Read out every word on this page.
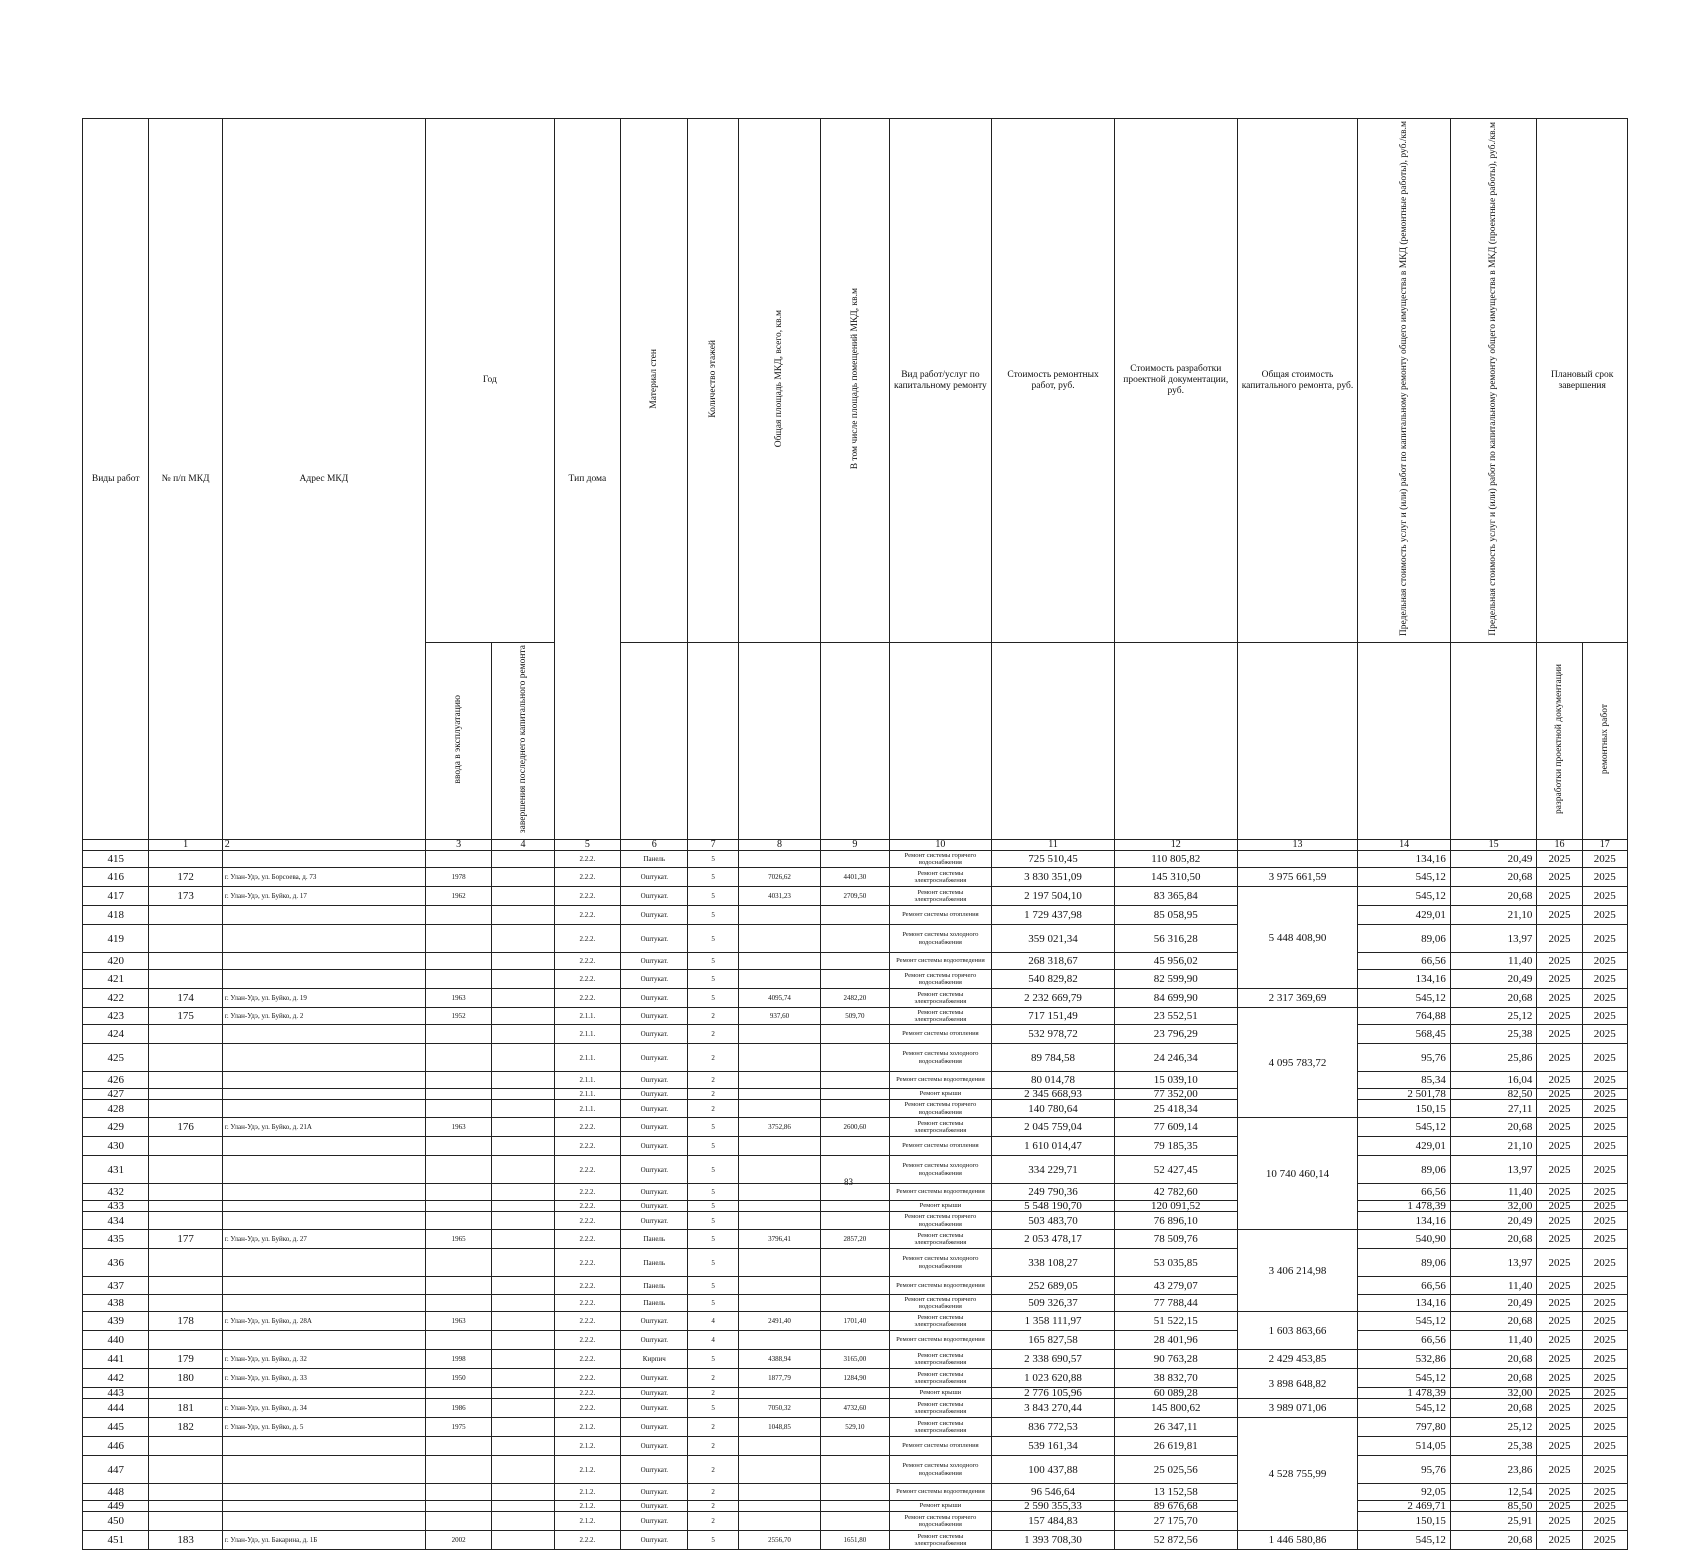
Виды работ	№ п/п МКД	Адрес МКД	Год		Тип дома	Материал стен	Количество этажей	Общая площадь МКД, всего, кв.м	В том числе площадь помещений МКД, кв.м	Вид работ/услуг по капитальному ремонту	Стоимость ремонтных работ, руб.	Стоимость разработки проектной документации, руб.	Общая стоимость капитального ремонта, руб.	Предельная стоимость услуг и (или) работ по капитальному ремонту общего имущества в МКД (ремонтные работы), руб./кв.м	Предельная стоимость услуг и (или) работ по капитальному ремонту общего имущества в МКД (проектные работы), руб./кв.м	Плановый срок завершения	
			ввода в эксплуатацию	завершения последнего капитального ремонта												разработки проектной документации	ремонтных работ
	1	2	3	4	5	6	7	8	9	10	11	12	13	14	15	16	17
415					2.2.2.	Панель	5			Ремонт системы горячего водоснабжения	725 510,45	110 805,82		134,16	20,49	2025	2025
416	172	г. Улан-Удэ, ул. Борсоева, д. 73	1978		2.2.2.	Оштукат.	5	7026,62	4401,30	Ремонт системы электроснабжения	3 830 351,09	145 310,50	3 975 661,59	545,12	20,68	2025	2025
417	173	г. Улан-Удэ, ул. Буйко, д. 17	1962		2.2.2.	Оштукат.	5	4031,23	2709,50	Ремонт системы электроснабжения	2 197 504,10	83 365,84	5 448 408,90	545,12	20,68	2025	2025
418					2.2.2.	Оштукат.	5			Ремонт системы отопления	1 729 437,98	85 058,95		429,01	21,10	2025	2025
419					2.2.2.	Оштукат.	5			Ремонт системы холодного водоснабжения	359 021,34	56 316,28		89,06	13,97	2025	2025
420					2.2.2.	Оштукат.	5			Ремонт системы водоотведения	268 318,67	45 956,02		66,56	11,40	2025	2025
421					2.2.2.	Оштукат.	5			Ремонт системы горячего водоснабжения	540 829,82	82 599,90		134,16	20,49	2025	2025
422	174	г. Улан-Удэ, ул. Буйко, д. 19	1963		2.2.2.	Оштукат.	5	4095,74	2482,20	Ремонт системы электроснабжения	2 232 669,79	84 699,90	2 317 369,69	545,12	20,68	2025	2025
423	175	г. Улан-Удэ, ул. Буйко, д. 2	1952		2.1.1.	Оштукат.	2	937,60	509,70	Ремонт системы электроснабжения	717 151,49	23 552,51	4 095 783,72	764,88	25,12	2025	2025
424					2.1.1.	Оштукат.	2			Ремонт системы отопления	532 978,72	23 796,29		568,45	25,38	2025	2025
425					2.1.1.	Оштукат.	2			Ремонт системы холодного водоснабжения	89 784,58	24 246,34		95,76	25,86	2025	2025
426					2.1.1.	Оштукат.	2			Ремонт системы водоотведения	80 014,78	15 039,10		85,34	16,04	2025	2025
427					2.1.1.	Оштукат.	2			Ремонт крыши	2 345 668,93	77 352,00		2 501,78	82,50	2025	2025
428					2.1.1.	Оштукат.	2			Ремонт системы горячего водоснабжения	140 780,64	25 418,34		150,15	27,11	2025	2025
429	176	г. Улан-Удэ, ул. Буйко, д. 21А	1963		2.2.2.	Оштукат.	5	3752,86	2600,60	Ремонт системы электроснабжения	2 045 759,04	77 609,14	10 740 460,14	545,12	20,68	2025	2025
430					2.2.2.	Оштукат.	5			Ремонт системы отопления	1 610 014,47	79 185,35		429,01	21,10	2025	2025
431					2.2.2.	Оштукат.	5			Ремонт системы холодного водоснабжения	334 229,71	52 427,45		89,06	13,97	2025	2025
432					2.2.2.	Оштукат.	5			Ремонт системы водоотведения	249 790,36	42 782,60		66,56	11,40	2025	2025
433					2.2.2.	Оштукат.	5			Ремонт крыши	5 548 190,70	120 091,52		1 478,39	32,00	2025	2025
434					2.2.2.	Оштукат.	5			Ремонт системы горячего водоснабжения	503 483,70	76 896,10		134,16	20,49	2025	2025
435	177	г. Улан-Удэ, ул. Буйко, д. 27	1965		2.2.2.	Панель	5	3796,41	2857,20	Ремонт системы электроснабжения	2 053 478,17	78 509,76	3 406 214,98	540,90	20,68	2025	2025
436					2.2.2.	Панель	5			Ремонт системы холодного водоснабжения	338 108,27	53 035,85		89,06	13,97	2025	2025
437					2.2.2.	Панель	5			Ремонт системы водоотведения	252 689,05	43 279,07		66,56	11,40	2025	2025
438					2.2.2.	Панель	5			Ремонт системы горячего водоснабжения	509 326,37	77 788,44		134,16	20,49	2025	2025
439	178	г. Улан-Удэ, ул. Буйко, д. 28А	1963		2.2.2.	Оштукат.	4	2491,40	1701,40	Ремонт системы электроснабжения	1 358 111,97	51 522,15	1 603 863,66	545,12	20,68	2025	2025
440					2.2.2.	Оштукат.	4			Ремонт системы водоотведения	165 827,58	28 401,96		66,56	11,40	2025	2025
441	179	г. Улан-Удэ, ул. Буйко, д. 32	1998		2.2.2.	Кирпич	5	4388,94	3165,00	Ремонт системы электроснабжения	2 338 690,57	90 763,28	2 429 453,85	532,86	20,68	2025	2025
442	180	г. Улан-Удэ, ул. Буйко, д. 33	1950		2.2.2.	Оштукат.	2	1877,79	1284,90	Ремонт системы электроснабжения	1 023 620,88	38 832,70	3 898 648,82	545,12	20,68	2025	2025
443					2.2.2.	Оштукат.	2			Ремонт крыши	2 776 105,96	60 089,28		1 478,39	32,00	2025	2025
444	181	г. Улан-Удэ, ул. Буйко, д. 34	1986		2.2.2.	Оштукат.	5	7050,32	4732,60	Ремонт системы электроснабжения	3 843 270,44	145 800,62	3 989 071,06	545,12	20,68	2025	2025
445	182	г. Улан-Удэ, ул. Буйко, д. 5	1975		2.1.2.	Оштукат.	2	1048,85	529,10	Ремонт системы электроснабжения	836 772,53	26 347,11	4 528 755,99	797,80	25,12	2025	2025
446					2.1.2.	Оштукат.	2			Ремонт системы отопления	539 161,34	26 619,81		514,05	25,38	2025	2025
447					2.1.2.	Оштукат.	2			Ремонт системы холодного водоснабжения	100 437,88	25 025,56		95,76	23,86	2025	2025
448					2.1.2.	Оштукат.	2			Ремонт системы водоотведения	96 546,64	13 152,58		92,05	12,54	2025	2025
449					2.1.2.	Оштукат.	2			Ремонт крыши	2 590 355,33	89 676,68		2 469,71	85,50	2025	2025
450					2.1.2.	Оштукат.	2			Ремонт системы горячего водоснабжения	157 484,83	27 175,70		150,15	25,91	2025	2025
451	183	г. Улан-Удэ, ул. Бакарина, д. 1Б	2002		2.2.2.	Оштукат.	5	2556,70	1651,80	Ремонт системы электроснабжения	1 393 708,30	52 872,56	1 446 580,86	545,12	20,68	2025	2025
83
